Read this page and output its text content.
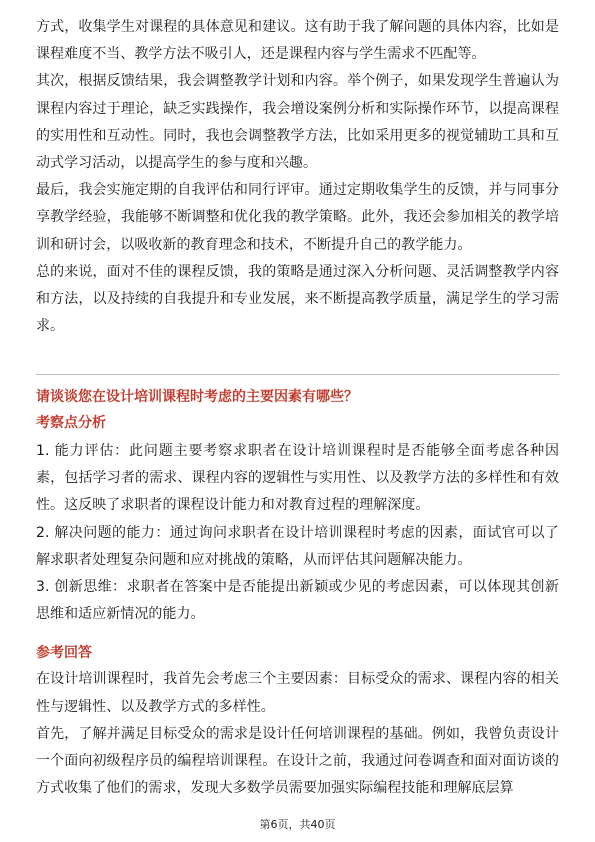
方式，收集学生对课程的具体意见和建议。这有助于我了解问题的具体内容，比如是课程难度不当、教学方法不吸引人，还是课程内容与学生需求不匹配等。

其次，根据反馈结果，我会调整教学计划和内容。举个例子，如果发现学生普遍认为课程内容过于理论，缺乏实践操作，我会增设案例分析和实际操作环节，以提高课程的实用性和互动性。同时，我也会调整教学方法，比如采用更多的视觉辅助工具和互动式学习活动，以提高学生的参与度和兴趣。

最后，我会实施定期的自我评估和同行评审。通过定期收集学生的反馈，并与同事分享教学经验，我能够不断调整和优化我的教学策略。此外，我还会参加相关的教学培训和研讨会，以吸收新的教育理念和技术，不断提升自己的教学能力。

总的来说，面对不佳的课程反馈，我的策略是通过深入分析问题、灵活调整教学内容和方法，以及持续的自我提升和专业发展，来不断提高教学质量，满足学生的学习需求。

请谈谈您在设计培训课程时考虑的主要因素有哪些？

考察点分析

1. 能力评估：此问题主要考察求职者在设计培训课程时是否能够全面考虑各种因素，包括学习者的需求、课程内容的逻辑性与实用性、以及教学方法的多样性和有效性。这反映了求职者的课程设计能力和对教育过程的理解深度。

2. 解决问题的能力：通过询问求职者在设计培训课程时考虑的因素，面试官可以了解求职者处理复杂问题和应对挑战的策略，从而评估其问题解决能力。

3. 创新思维：求职者在答案中是否能提出新颖或少见的考虑因素，可以体现其创新思维和适应新情况的能力。

参考回答

在设计培训课程时，我首先会考虑三个主要因素：目标受众的需求、课程内容的相关性与逻辑性、以及教学方式的多样性。

首先，了解并满足目标受众的需求是设计任何培训课程的基础。例如，我曾负责设计一个面向初级程序员的编程培训课程。在设计之前，我通过问卷调查和面对面访谈的方式收集了他们的需求，发现大多数学员需要加强实际编程技能和理解底层算

第6页，共40页
